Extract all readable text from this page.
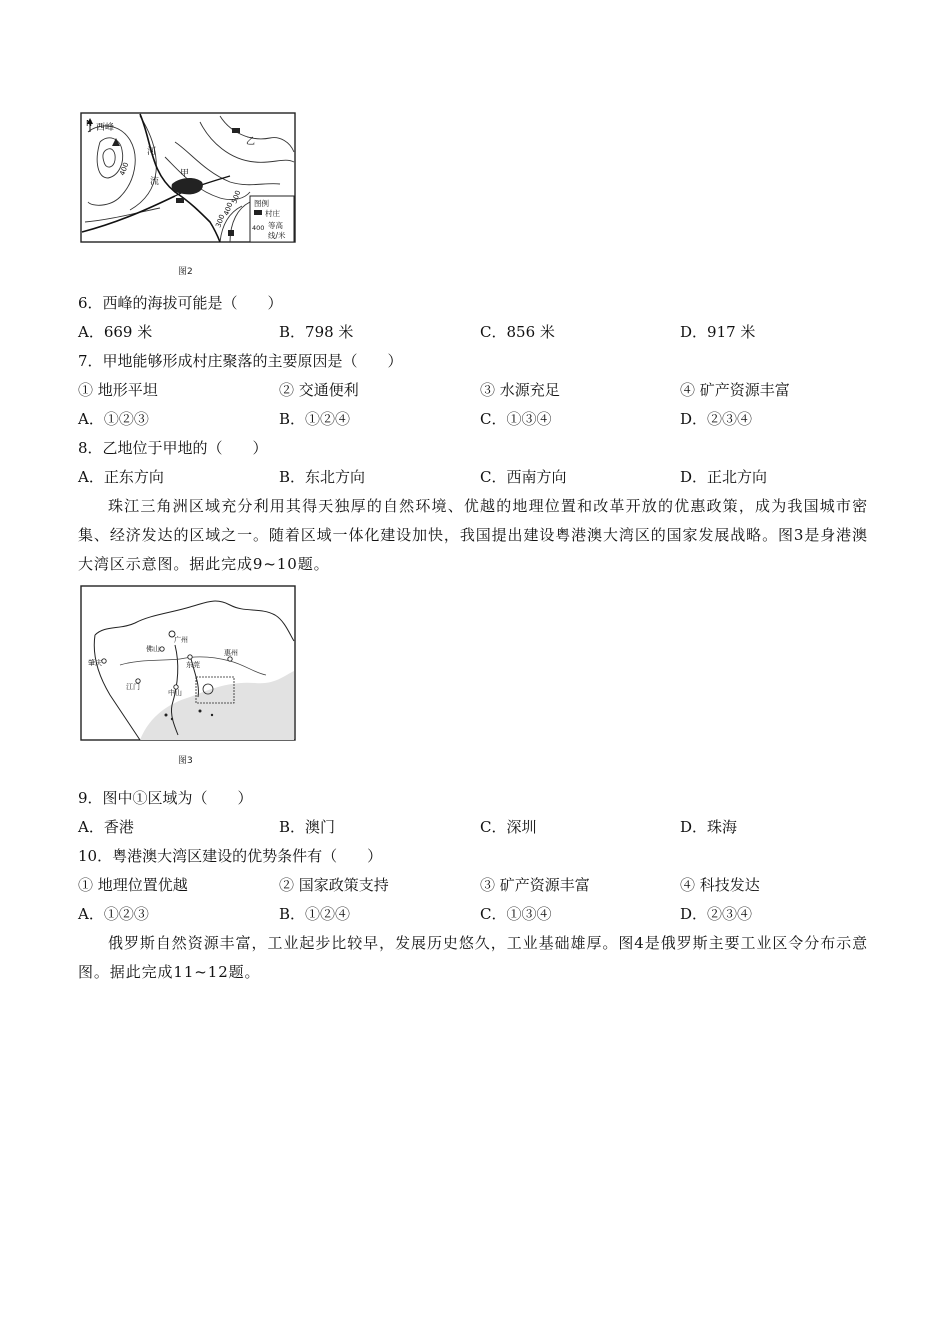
N 西峰
河
流
甲
乙
400
500
400
300
图例
村庄
400 等高
线/米
图2
6．西峰的海拔可能是（　　）
A．669 米	B．798 米	C．856 米	D．917 米
7．甲地能够形成村庄聚落的主要原因是（　　）
① 地形平坦	② 交通便利	③ 水源充足	④ 矿产资源丰富
A．①②③	B．①②④	C．①③④	D．②③④
8．乙地位于甲地的（　　）
A．正东方向	B．东北方向	C．西南方向	D．正北方向
珠江三角洲区域充分利用其得天独厚的自然环境、优越的地理位置和改革开放的优惠政策，成为我国城市密集、经济发达的区域之一。随着区域一体化建设加快，我国提出建设粤港澳大湾区的国家发展战略。图3是身港澳大湾区示意图。据此完成9~10题。
肇庆
佛山
广州
东莞
惠州
江门
中山
图3
9．图中①区域为（　　）
A．香港	B．澳门	C．深圳	D．珠海
10．粤港澳大湾区建设的优势条件有（　　）
① 地理位置优越	② 国家政策支持	③ 矿产资源丰富	④ 科技发达
A．①②③	B．①②④	C．①③④	D．②③④
俄罗斯自然资源丰富，工业起步比较早，发展历史悠久，工业基础雄厚。图4是俄罗斯主要工业区令分布示意图。据此完成11~12题。
